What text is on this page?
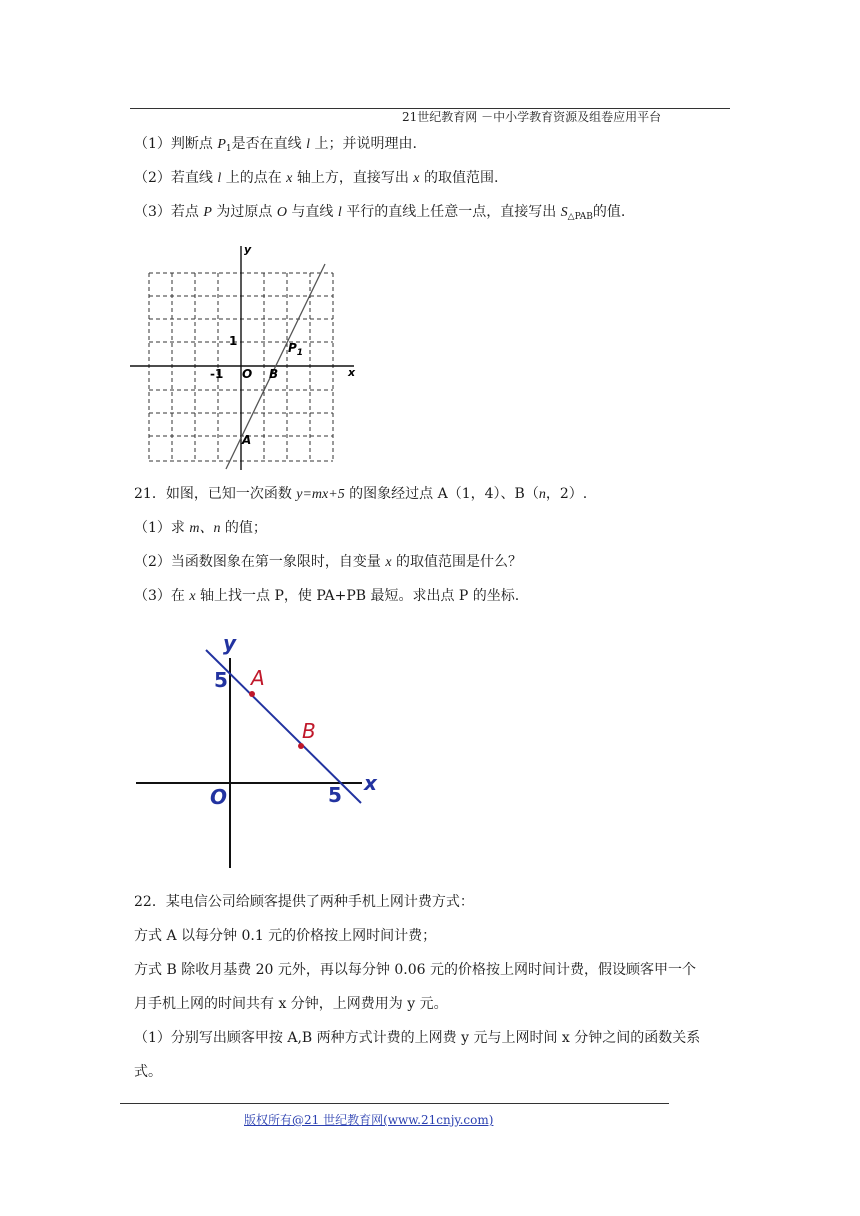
21世纪教育网 －中小学教育资源及组卷应用平台
（1）判断点 $P_1$是否在直线 l 上；并说明理由.
（2）若直线 l 上的点在 x 轴上方，直接写出 x 的取值范围.
（3）若点 P 为过原点 O 与直线 l 平行的直线上任意一点，直接写出 $S_{\triangle PAB}$的值.
y
x
1
-1 O B
A
$P_1$
21．如图，已知一次函数 y=mx+5 的图象经过点 A（1，4）、B（n，2）.
（1）求 m、n 的值；
（2）当函数图象在第一象限时，自变量 x 的取值范围是什么？
（3）在 x 轴上找一点 P，使 PA+PB 最短。求出点 P 的坐标.
y
x
5
5
O
A
B
22．某电信公司给顾客提供了两种手机上网计费方式：
方式 A 以每分钟 0.1 元的价格按上网时间计费；
方式 B 除收月基费 20 元外，再以每分钟 0.06 元的价格按上网时间计费，假设顾客甲一个
月手机上网的时间共有 x 分钟，上网费用为 y 元。
（1）分别写出顾客甲按 A,B 两种方式计费的上网费 y 元与上网时间 x 分钟之间的函数关系
式。
版权所有@21 世纪教育网(www.21cnjy.com)
